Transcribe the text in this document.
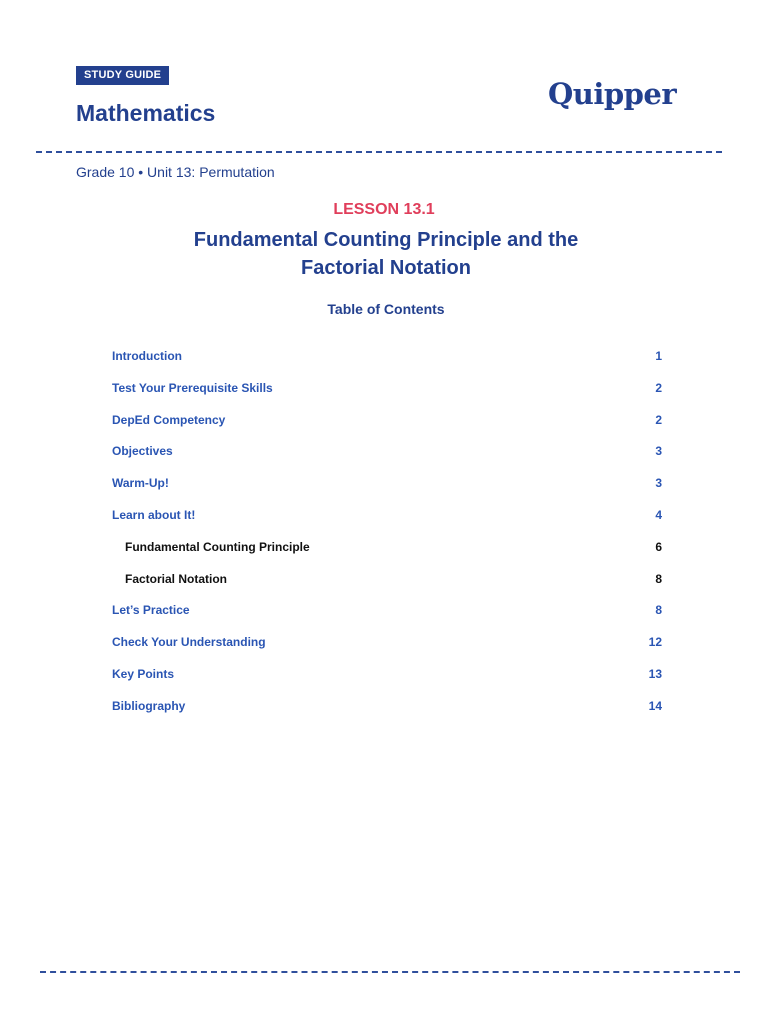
STUDY GUIDE
Mathematics
Quipper
Grade 10 • Unit 13: Permutation
LESSON 13.1
Fundamental Counting Principle and the
Factorial Notation
Table of Contents
Introduction	1
Test Your Prerequisite Skills	2
DepEd Competency	2
Objectives	3
Warm-Up!	3
Learn about It!	4
Fundamental Counting Principle	6
Factorial Notation	8
Let’s Practice	8
Check Your Understanding	12
Key Points	13
Bibliography	14
